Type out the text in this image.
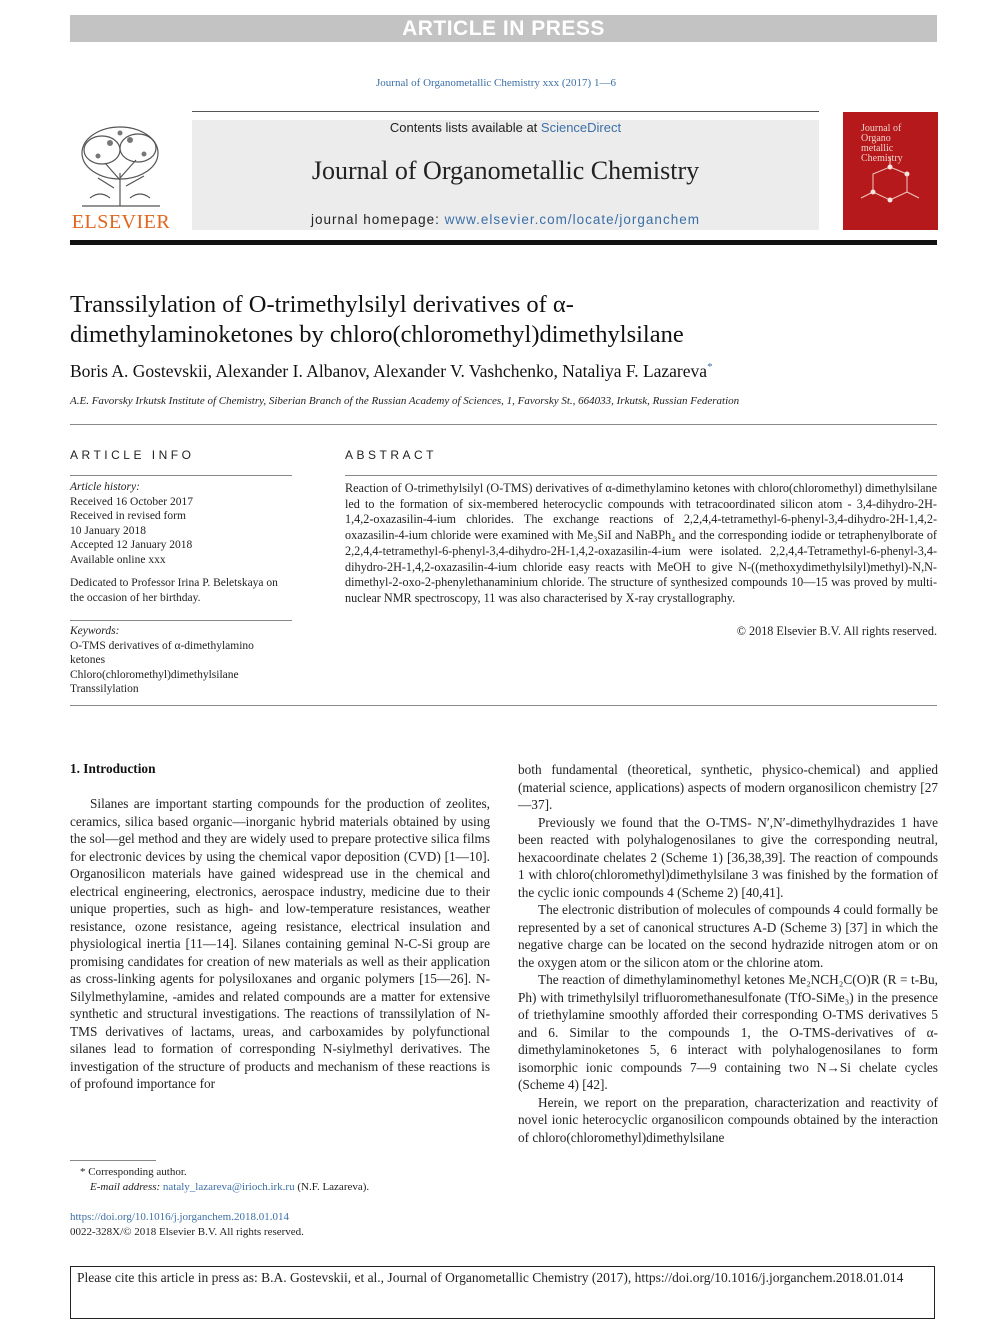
ARTICLE IN PRESS
Journal of Organometallic Chemistry xxx (2017) 1—6
Contents lists available at ScienceDirect
Journal of Organometallic Chemistry
journal homepage: www.elsevier.com/locate/jorganchem
ELSEVIER
Journal of Organo metallic Chemistry
Transsilylation of O-trimethylsilyl derivatives of α-
dimethylaminoketones by chloro(chloromethyl)dimethylsilane
Boris A. Gostevskii, Alexander I. Albanov, Alexander V. Vashchenko, Nataliya F. Lazareva*
A.E. Favorsky Irkutsk Institute of Chemistry, Siberian Branch of the Russian Academy of Sciences, 1, Favorsky St., 664033, Irkutsk, Russian Federation
ARTICLE INFO
Article history:
Received 16 October 2017
Received in revised form
10 January 2018
Accepted 12 January 2018
Available online xxx
Dedicated to Professor Irina P. Beletskaya on the occasion of her birthday.
Keywords:
O-TMS derivatives of α-dimethylamino
ketones
Chloro(chloromethyl)dimethylsilane
Transsilylation
ABSTRACT
Reaction of O-trimethylsilyl (O-TMS) derivatives of α-dimethylamino ketones with chloro(chloromethyl) dimethylsilane led to the formation of six-membered heterocyclic compounds with tetracoordinated silicon atom - 3,4-dihydro-2H-1,4,2-oxazasilin-4-ium chlorides. The exchange reactions of 2,2,4,4-tetramethyl-6-phenyl-3,4-dihydro-2H-1,4,2-oxazasilin-4-ium chloride were examined with Me₃SiI and NaBPh₄ and the corresponding iodide or tetraphenylborate of 2,2,4,4-tetramethyl-6-phenyl-3,4-dihydro-2H-1,4,2-oxazasilin-4-ium were isolated. 2,2,4,4-Tetramethyl-6-phenyl-3,4-dihydro-2H-1,4,2-oxazasilin-4-ium chloride easy reacts with MeOH to give N-((methoxydimethylsilyl)methyl)-N,N-dimethyl-2-oxo-2-phenylethanaminium chloride. The structure of synthesized compounds 10—15 was proved by multi-nuclear NMR spectroscopy, 11 was also characterised by X-ray crystallography.
© 2018 Elsevier B.V. All rights reserved.
1. Introduction

Silanes are important starting compounds for the production of zeolites, ceramics, silica based organic—inorganic hybrid materials obtained by using the sol—gel method and they are widely used to prepare protective silica films for electronic devices by using the chemical vapor deposition (CVD) [1—10]. Organosilicon materials have gained widespread use in the chemical and electrical engineering, electronics, aerospace industry, medicine due to their unique properties, such as high- and low-temperature resistances, weather resistance, ozone resistance, ageing resistance, electrical insulation and physiological inertia [11—14]. Silanes containing geminal N-C-Si group are promising candidates for creation of new materials as well as their application as cross-linking agents for polysiloxanes and organic polymers [15—26]. N-Silylmethylamine, -amides and related compounds are a matter for extensive synthetic and structural investigations. The reactions of transsilylation of N-TMS derivatives of lactams, ureas, and carboxamides by polyfunctional silanes lead to formation of corresponding N-siylmethyl derivatives. The investigation of the structure of products and mechanism of these reactions is of profound importance for

both fundamental (theoretical, synthetic, physico-chemical) and applied (material science, applications) aspects of modern organosilicon chemistry [27—37].

Previously we found that the O-TMS- N′,N′-dimethylhydrazides 1 have been reacted with polyhalogenosilanes to give the corresponding neutral, hexacoordinate chelates 2 (Scheme 1) [36,38,39]. The reaction of compounds 1 with chloro(chloromethyl)dimethylsilane 3 was finished by the formation of the cyclic ionic compounds 4 (Scheme 2) [40,41].

The electronic distribution of molecules of compounds 4 could formally be represented by a set of canonical structures A-D (Scheme 3) [37] in which the negative charge can be located on the second hydrazide nitrogen atom or on the oxygen atom or the silicon atom or the chlorine atom.

The reaction of dimethylaminomethyl ketones Me₂NCH₂C(O)R (R = t-Bu, Ph) with trimethylsilyl trifluoromethanesulfonate (TfO-SiMe₃) in the presence of triethylamine smoothly afforded their corresponding O-TMS derivatives 5 and 6. Similar to the compounds 1, the O-TMS-derivatives of α-dimethylaminoketones 5, 6 interact with polyhalogenosilanes to form isomorphic ionic compounds 7—9 containing two N→Si chelate cycles (Scheme 4) [42].

Herein, we report on the preparation, characterization and reactivity of novel ionic heterocyclic organosilicon compounds obtained by the interaction of chloro(chloromethyl)dimethylsilane

* Corresponding author.
E-mail address: nataly_lazareva@irioch.irk.ru (N.F. Lazareva).
https://doi.org/10.1016/j.jorganchem.2018.01.014
0022-328X/© 2018 Elsevier B.V. All rights reserved.
Please cite this article in press as: B.A. Gostevskii, et al., Journal of Organometallic Chemistry (2017), https://doi.org/10.1016/j.jorganchem.2018.01.014
